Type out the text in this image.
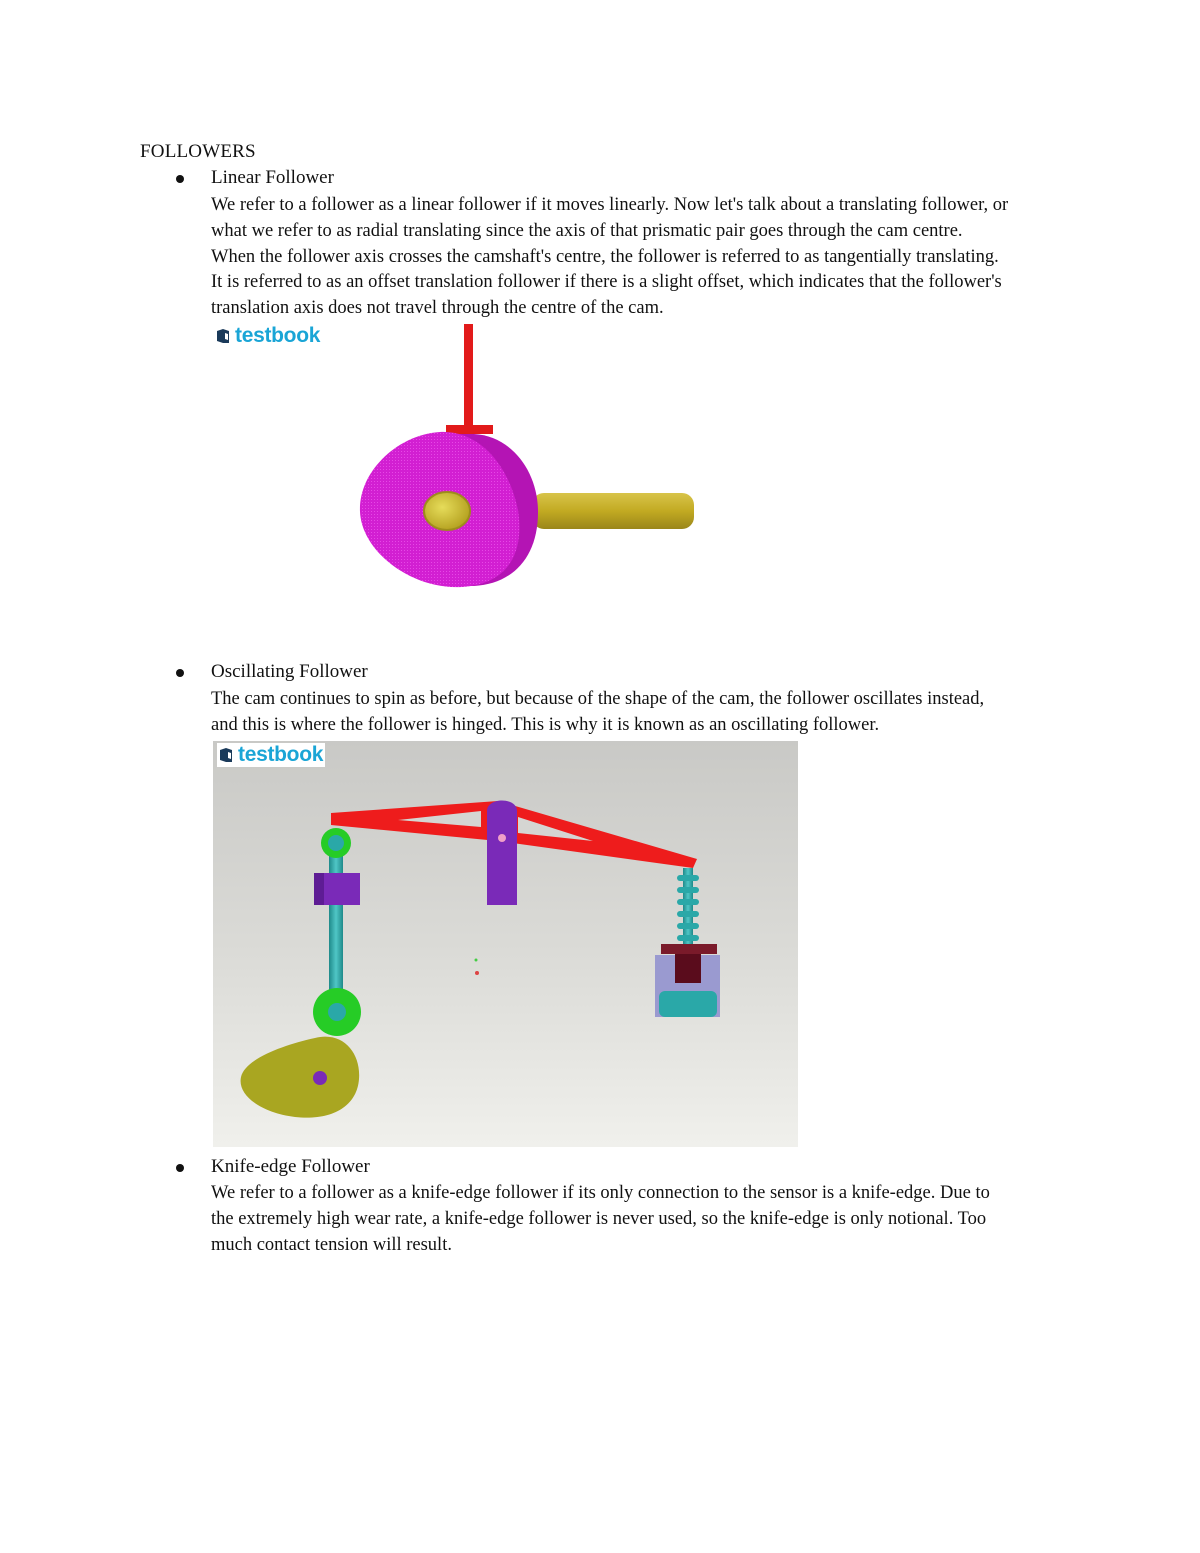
FOLLOWERS
Linear Follower
We refer to a follower as a linear follower if it moves linearly. Now let's talk about a translating follower, or
what we refer to as radial translating since the axis of that prismatic pair goes through the cam centre.
When the follower axis crosses the camshaft's centre, the follower is referred to as tangentially translating.
It is referred to as an offset translation follower if there is a slight offset, which indicates that the follower's
translation axis does not travel through the centre of the cam.
testbook
Oscillating Follower
The cam continues to spin as before, but because of the shape of the cam, the follower oscillates instead,
and this is where the follower is hinged. This is why it is known as an oscillating follower.
testbook
Knife-edge Follower
We refer to a follower as a knife-edge follower if its only connection to the sensor is a knife-edge. Due to
the extremely high wear rate, a knife-edge follower is never used, so the knife-edge is only notional. Too
much contact tension will result.
